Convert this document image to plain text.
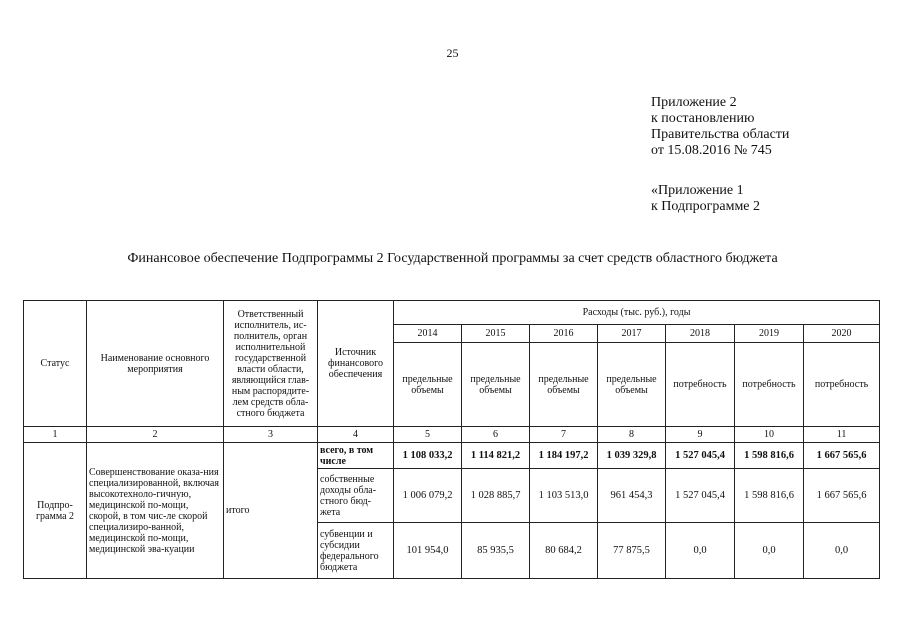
25
Приложение 2
к постановлению
Правительства области
от 15.08.2016 № 745
«Приложение 1
к Подпрограмме 2
Финансовое обеспечение Подпрограммы 2 Государственной программы за счет средств областного бюджета
Статус	Наименование основного мероприятия	Ответственный исполнитель, ис-полнитель, орган исполнительной государственной власти области, являющийся глав-ным распорядите-лем средств обла-стного бюджета	Источник финансового обеспечения	Расходы (тыс. руб.), годы						
				2014	2015	2016	2017	2018	2019	2020
				предельные объемы	предельные объемы	предельные объемы	предельные объемы	потребность	потребность	потребность
1	2	3	4	5	6	7	8	9	10	11
Подпро-грамма 2	Совершенствование оказа-ния специализированной, включая высокотехноло-гичную, медицинской по-мощи, скорой, в том чис-ле скорой специализиро-ванной, медицинской по-мощи, медицинской эва-куации	итого	всего, в том числе	1 108 033,2	1 114 821,2	1 184 197,2	1 039 329,8	1 527 045,4	1 598 816,6	1 667 565,6
			собственные доходы обла-стного бюд-жета	1 006 079,2	1 028 885,7	1 103 513,0	961 454,3	1 527 045,4	1 598 816,6	1 667 565,6
			субвенции и субсидии федерального бюджета	101 954,0	85 935,5	80 684,2	77 875,5	0,0	0,0	0,0
